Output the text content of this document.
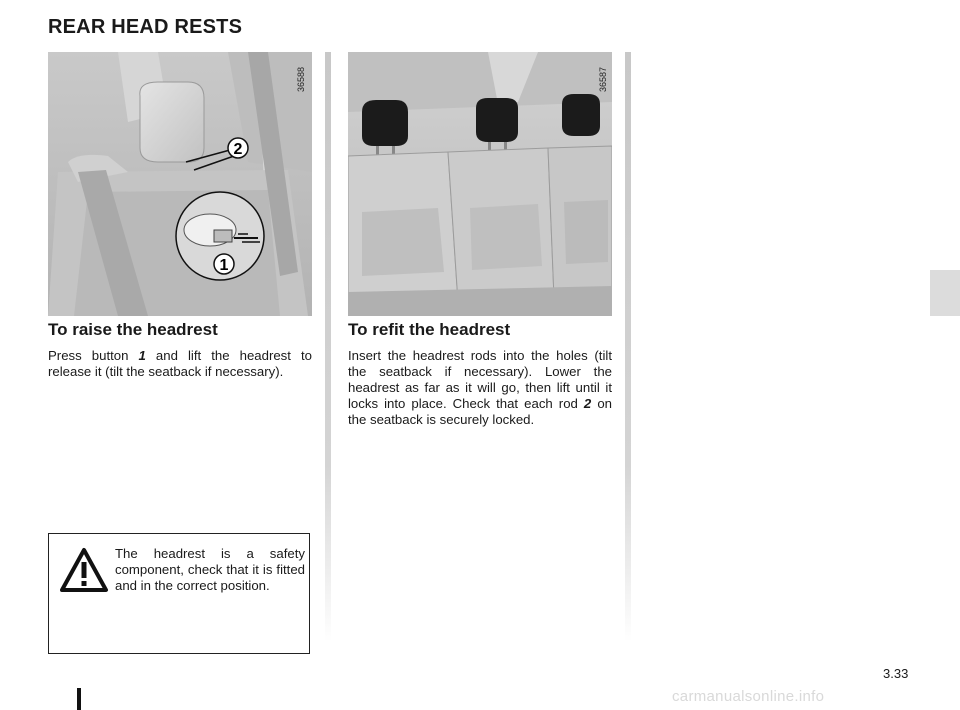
REAR HEAD RESTS
2
1
36588	36587
To raise the headrest
Press button 1 and lift the headrest to release it (tilt the seatback if necessary).
To refit the headrest
Insert the headrest rods into the holes (tilt the seatback if necessary). Lower the headrest as far as it will go, then lift until it locks into place. Check that each rod 2 on the seatback is securely locked.
The headrest is a safety component, check that it is fitted and in the correct position.
3.33
carmanualsonline.info
